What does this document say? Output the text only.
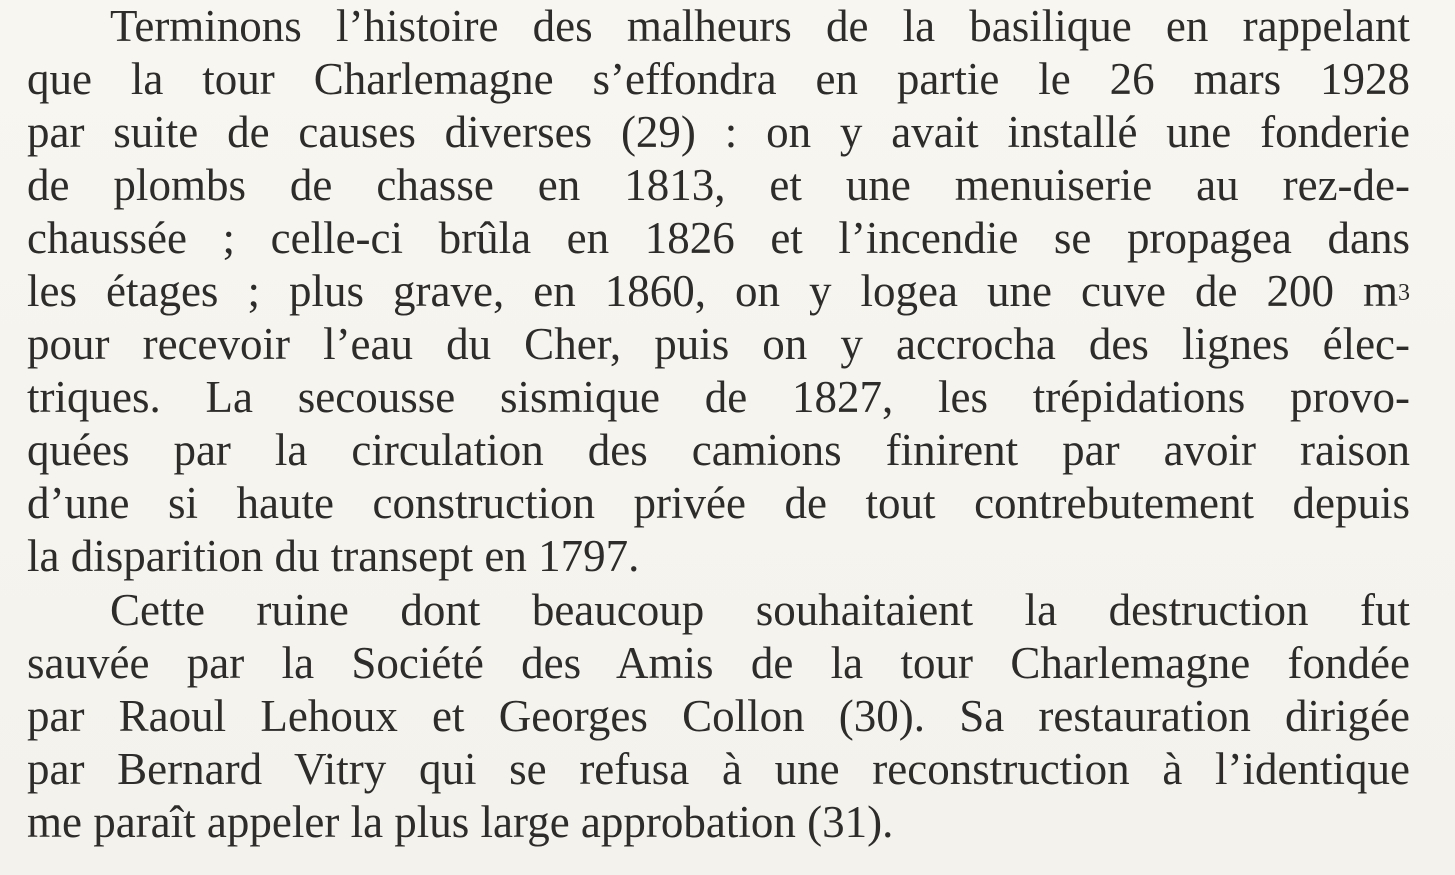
Terminons l’histoire des malheurs de la basilique en rappelant
que la tour Charlemagne s’effondra en partie le 26 mars 1928
par suite de causes diverses (29) : on y avait installé une fonderie
de plombs de chasse en 1813, et une menuiserie au rez-de-
chaussée ; celle-ci brûla en 1826 et l’incendie se propagea dans
les étages ; plus grave, en 1860, on y logea une cuve de 200 $m^3$
pour recevoir l’eau du Cher, puis on y accrocha des lignes élec-
triques. La secousse sismique de 1827, les trépidations provo-
quées par la circulation des camions finirent par avoir raison
d’une si haute construction privée de tout contrebutement depuis
la disparition du transept en 1797.
Cette ruine dont beaucoup souhaitaient la destruction fut
sauvée par la Société des Amis de la tour Charlemagne fondée
par Raoul Lehoux et Georges Collon (30). Sa restauration dirigée
par Bernard Vitry qui se refusa à une reconstruction à l’identique
me paraît appeler la plus large approbation (31).
